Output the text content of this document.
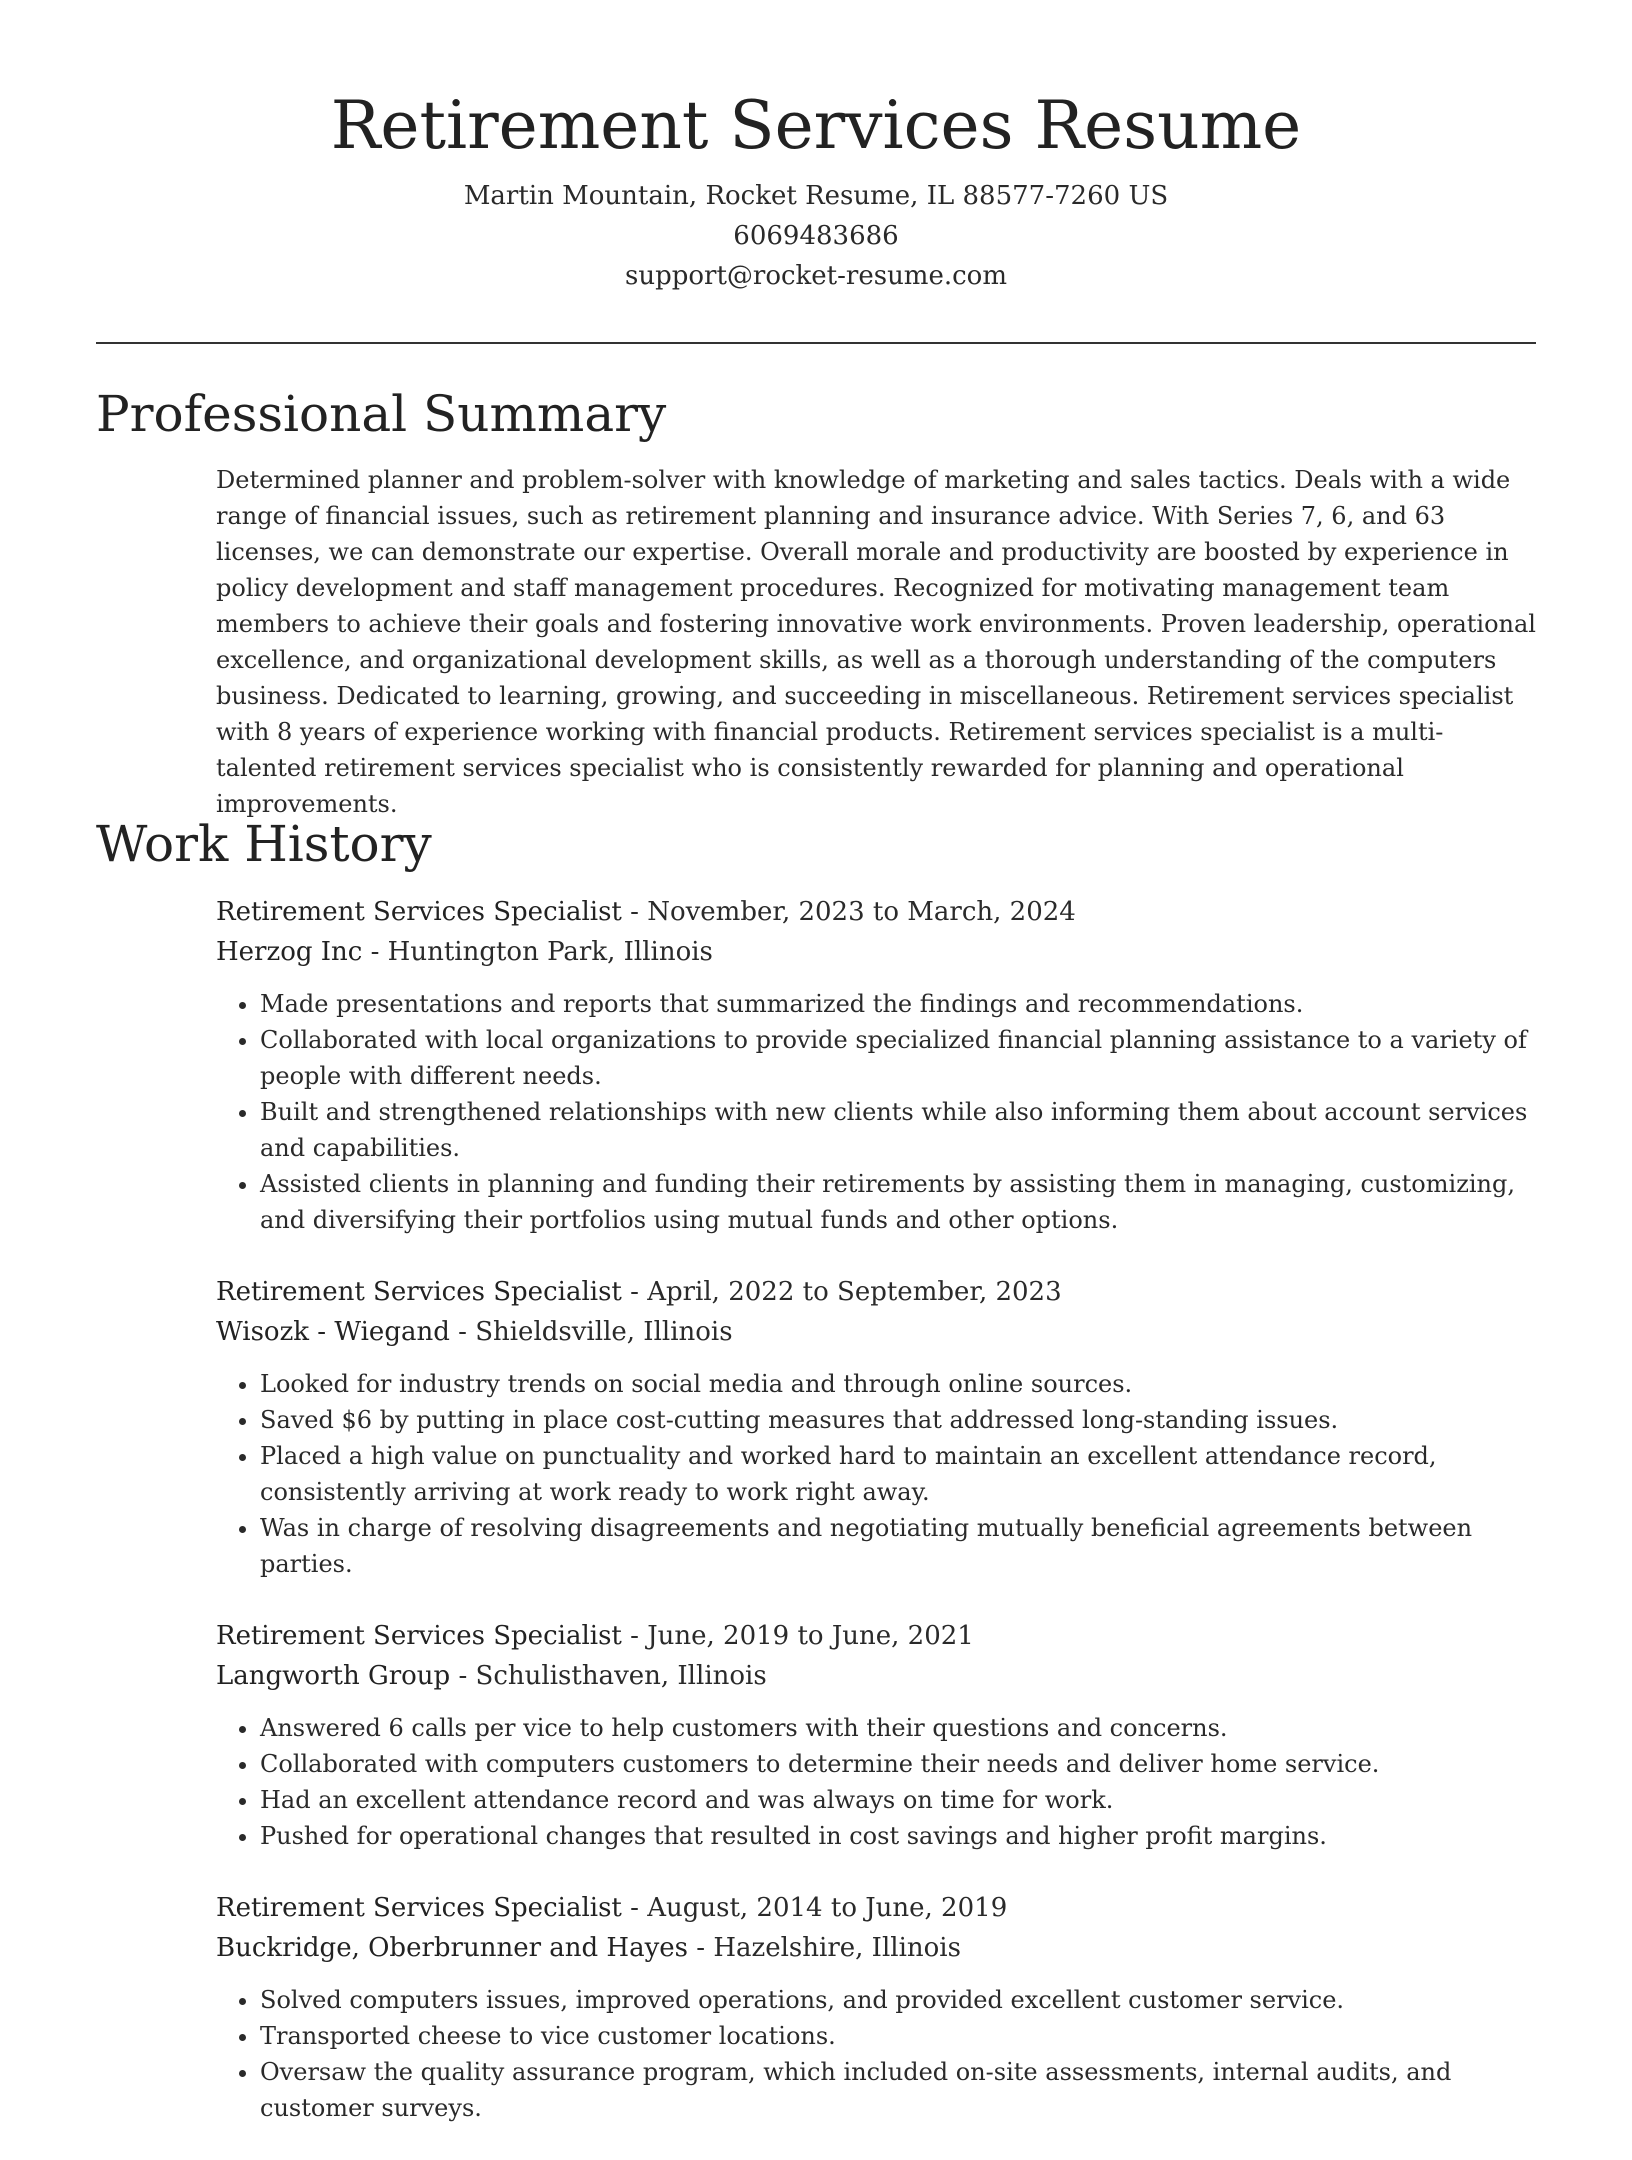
Retirement Services Resume
Martin Mountain, Rocket Resume, IL 88577-7260 US
6069483686
support@rocket-resume.com
Professional Summary

Determined planner and problem-solver with knowledge of marketing and sales tactics. Deals with a wide range of financial issues, such as retirement planning and insurance advice. With Series 7, 6, and 63 licenses, we can demonstrate our expertise. Overall morale and productivity are boosted by experience in policy development and staff management procedures. Recognized for motivating management team members to achieve their goals and fostering innovative work environments. Proven leadership, operational excellence, and organizational development skills, as well as a thorough understanding of the computers business. Dedicated to learning, growing, and succeeding in miscellaneous. Retirement services specialist with 8 years of experience working with financial products. Retirement services specialist is a multi-talented retirement services specialist who is consistently rewarded for planning and operational improvements.

Work History
Retirement Services Specialist - November, 2023 to March, 2024
Herzog Inc - Huntington Park, Illinois
• Made presentations and reports that summarized the findings and recommendations.
• Collaborated with local organizations to provide specialized financial planning assistance to a variety of people with different needs.
• Built and strengthened relationships with new clients while also informing them about account services and capabilities.
• Assisted clients in planning and funding their retirements by assisting them in managing, customizing, and diversifying their portfolios using mutual funds and other options.
Retirement Services Specialist - April, 2022 to September, 2023
Wisozk - Wiegand - Shieldsville, Illinois
• Looked for industry trends on social media and through online sources.
• Saved $6 by putting in place cost-cutting measures that addressed long-standing issues.
• Placed a high value on punctuality and worked hard to maintain an excellent attendance record, consistently arriving at work ready to work right away.
• Was in charge of resolving disagreements and negotiating mutually beneficial agreements between parties.
Retirement Services Specialist - June, 2019 to June, 2021
Langworth Group - Schulisthaven, Illinois
• Answered 6 calls per vice to help customers with their questions and concerns.
• Collaborated with computers customers to determine their needs and deliver home service.
• Had an excellent attendance record and was always on time for work.
• Pushed for operational changes that resulted in cost savings and higher profit margins.
Retirement Services Specialist - August, 2014 to June, 2019
Buckridge, Oberbrunner and Hayes - Hazelshire, Illinois
• Solved computers issues, improved operations, and provided excellent customer service.
• Transported cheese to vice customer locations.
• Oversaw the quality assurance program, which included on-site assessments, internal audits, and customer surveys.
